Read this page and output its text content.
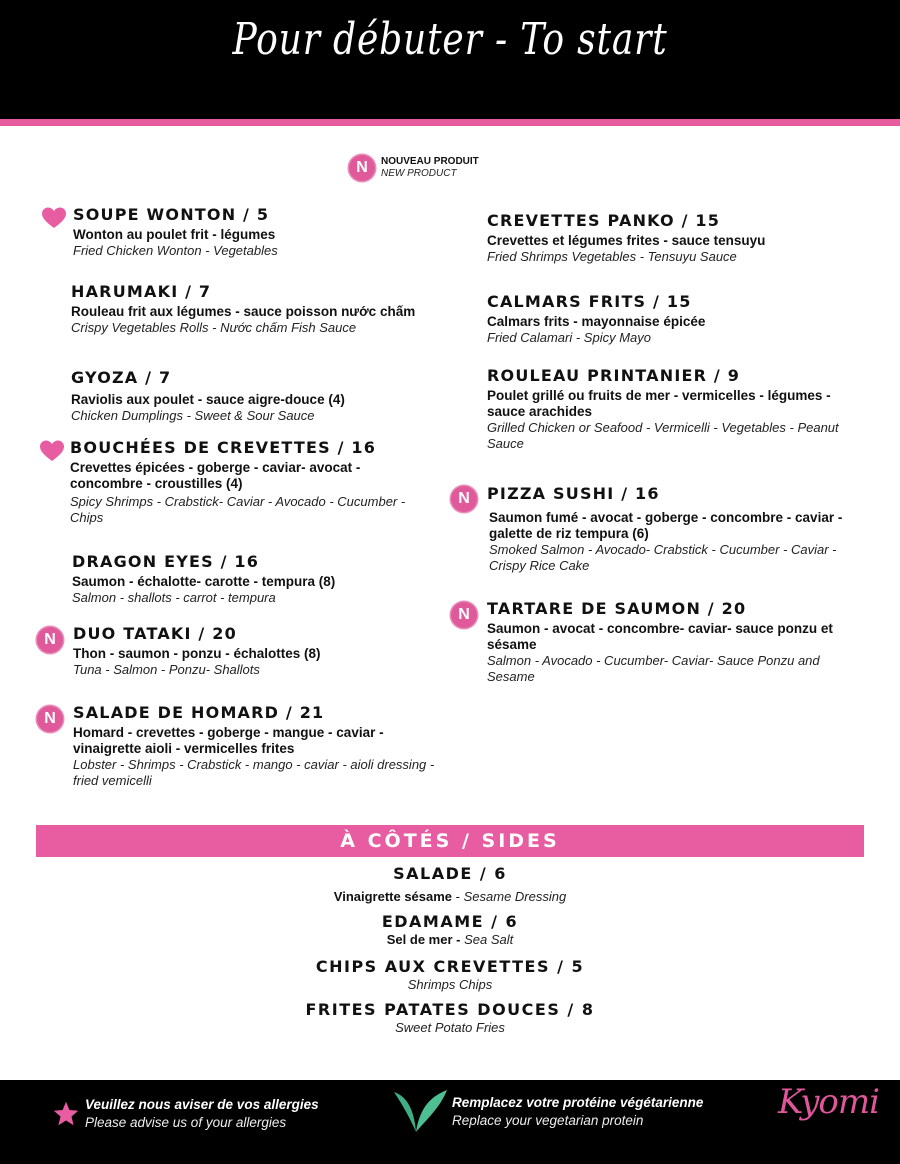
Pour débuter - To start
N	NOUVEAU PRODUIT
NEW PRODUCT
SOUPE WONTON / 5
Wonton au poulet frit - légumes
Fried Chicken Wonton - Vegetables
HARUMAKI / 7
Rouleau frit aux légumes - sauce poisson nước chấm
Crispy Vegetables Rolls - Nước chấm Fish Sauce
GYOZA / 7
Raviolis aux poulet - sauce aigre-douce (4)
Chicken Dumplings - Sweet & Sour Sauce
BOUCHÉES DE CREVETTES / 16
Crevettes épicées - goberge - caviar- avocat - concombre - croustilles (4)
Spicy Shrimps - Crabstick- Caviar - Avocado - Cucumber - Chips
DRAGON EYES / 16
Saumon - échalotte- carotte - tempura (8)
Salmon - shallots - carrot - tempura
N	DUO TATAKI / 20
Thon - saumon - ponzu - échalottes (8)
Tuna - Salmon - Ponzu- Shallots
N	SALADE DE HOMARD / 21
Homard - crevettes - goberge - mangue - caviar - vinaigrette aioli - vermicelles frites
Lobster - Shrimps - Crabstick - mango - caviar - aioli dressing - fried vemicelli
CREVETTES PANKO / 15
Crevettes et légumes frites - sauce tensuyu
Fried Shrimps Vegetables - Tensuyu Sauce
CALMARS FRITS / 15
Calmars frits - mayonnaise épicée
Fried Calamari - Spicy Mayo
ROULEAU PRINTANIER / 9
Poulet grillé ou fruits de mer - vermicelles - légumes - sauce arachides
Grilled Chicken or Seafood - Vermicelli - Vegetables - Peanut Sauce
N	PIZZA SUSHI / 16
Saumon fumé - avocat - goberge - concombre - caviar - galette de riz tempura (6)
Smoked Salmon - Avocado- Crabstick - Cucumber - Caviar - Crispy Rice Cake
N	TARTARE DE SAUMON / 20
Saumon - avocat - concombre- caviar- sauce ponzu et sésame
Salmon - Avocado - Cucumber- Caviar- Sauce Ponzu and Sesame
À CÔTÉS / SIDES
SALADE / 6
Vinaigrette sésame - Sesame Dressing
EDAMAME / 6
Sel de mer - Sea Salt
CHIPS AUX CREVETTES / 5
Shrimps Chips
FRITES PATATES DOUCES / 8
Sweet Potato Fries
Veuillez nous aviser de vos allergies
Please advise us of your allergies
Remplacez votre protéine végétarienne
Replace your vegetarian protein	Kyomi
